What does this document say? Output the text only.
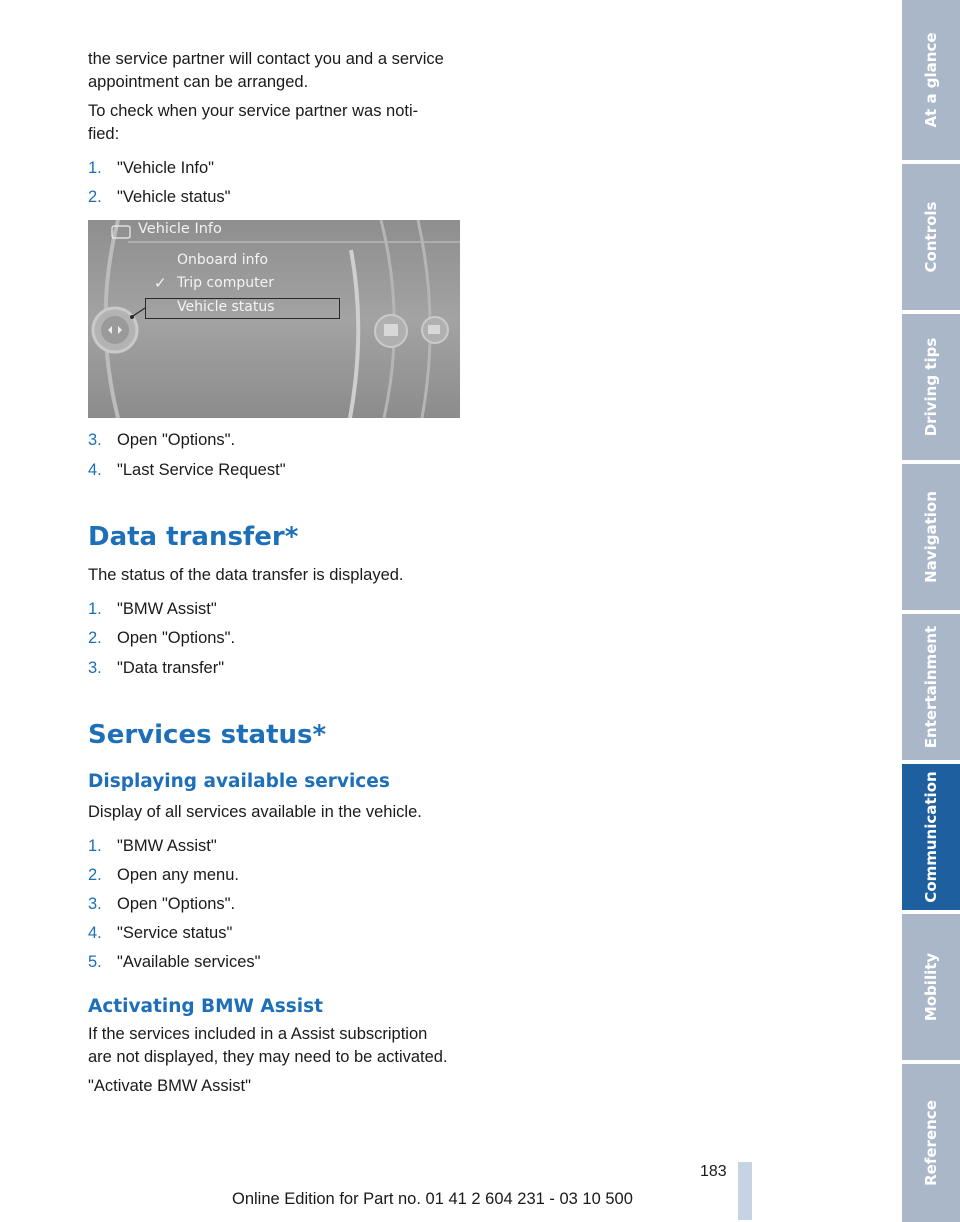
the service partner will contact you and a service
appointment can be arranged.
To check when your service partner was noti‐
fied:
1. "Vehicle Info"
2. "Vehicle status"
Vehicle Info
Onboard info
✓ Trip computer
Vehicle status
3. Open "Options".
4. "Last Service Request"
Data transfer*
The status of the data transfer is displayed.
1. "BMW Assist"
2. Open "Options".
3. "Data transfer"
Services status*
Displaying available services
Display of all services available in the vehicle.
1. "BMW Assist"
2. Open any menu.
3. Open "Options".
4. "Service status"
5. "Available services"
Activating BMW Assist
If the services included in a Assist subscription
are not displayed, they may need to be activated.
"Activate BMW Assist"
At a glance
Controls
Driving tips
Navigation
Entertainment
Communication
Mobility
Reference
183
Online Edition for Part no. 01 41 2 604 231 - 03 10 500
